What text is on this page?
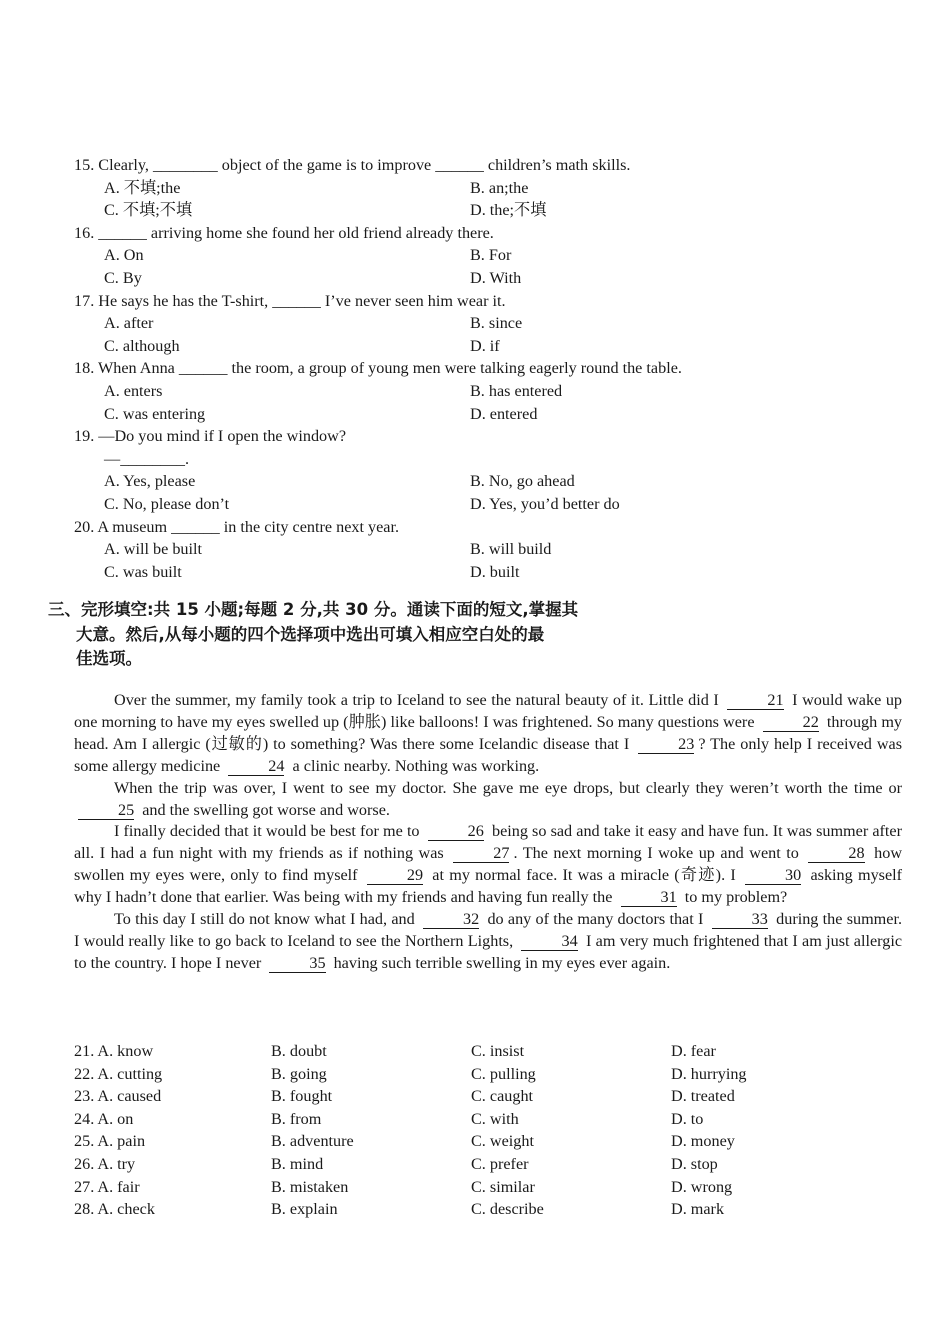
15. Clearly, ________ object of the game is to improve ______ children’s math skills.
A. 不填;the	B. an;the
C. 不填;不填	D. the;不填
16. ______ arriving home she found her old friend already there.
A. On	B. For
C. By	D. With
17. He says he has the T-shirt, ______ I’ve never seen him wear it.
A. after	B. since
C. although	D. if
18. When Anna ______ the room, a group of young men were talking eagerly round the table.
A. enters	B. has entered
C. was entering	D. entered
19. —Do you mind if I open the window?
—________.
A. Yes, please	B. No, go ahead
C. No, please don’t	D. Yes, you’d better do
20. A museum ______ in the city centre next year.
A. will be built	B. will build
C. was built	D. built
三、完形填空:共 15 小题;每题 2 分,共 30 分。通读下面的短文,掌握其
大意。然后,从每小题的四个选择项中选出可填入相应空白处的最
佳选项。

Over the summer, my family took a trip to Iceland to see the natural beauty of it. Little did I	21 I would wake up one morning to have my eyes swelled up (肿胀) like balloons! I was frightened. So many questions were	22 through my head. Am I allergic (过敏的) to something? Was there some Icelandic disease that I	23 ? The only help I received was some allergy medicine	24 a clinic nearby. Nothing was working.

When the trip was over, I went to see my doctor. She gave me eye drops, but clearly they weren’t worth the time or 25 and the swelling got worse and worse.

I finally decided that it would be best for me to	26 being so sad and take it easy and have fun. It was summer after all. I had a fun night with my friends as if nothing was	27 . The next morning I woke up and went to	28 how swollen my eyes were, only to find myself	29 at my normal face. It was a miracle (奇迹). I	30 asking myself why I hadn’t done that earlier. Was being with my friends and having fun really the	31 to my problem?

To this day I still do not know what I had, and	32 do any of the many doctors that I	33 during the summer. I would really like to go back to Iceland to see the Northern Lights,	34 I am very much frightened that I am just allergic to the country. I hope I never	35 having such terrible swelling in my eyes ever again.

21. A. know	B. doubt	C. insist	D. fear
22. A. cutting	B. going	C. pulling	D. hurrying
23. A. caused	B. fought	C. caught	D. treated
24. A. on	B. from	C. with	D. to
25. A. pain	B. adventure	C. weight	D. money
26. A. try	B. mind	C. prefer	D. stop
27. A. fair	B. mistaken	C. similar	D. wrong
28. A. check	B. explain	C. describe	D. mark
